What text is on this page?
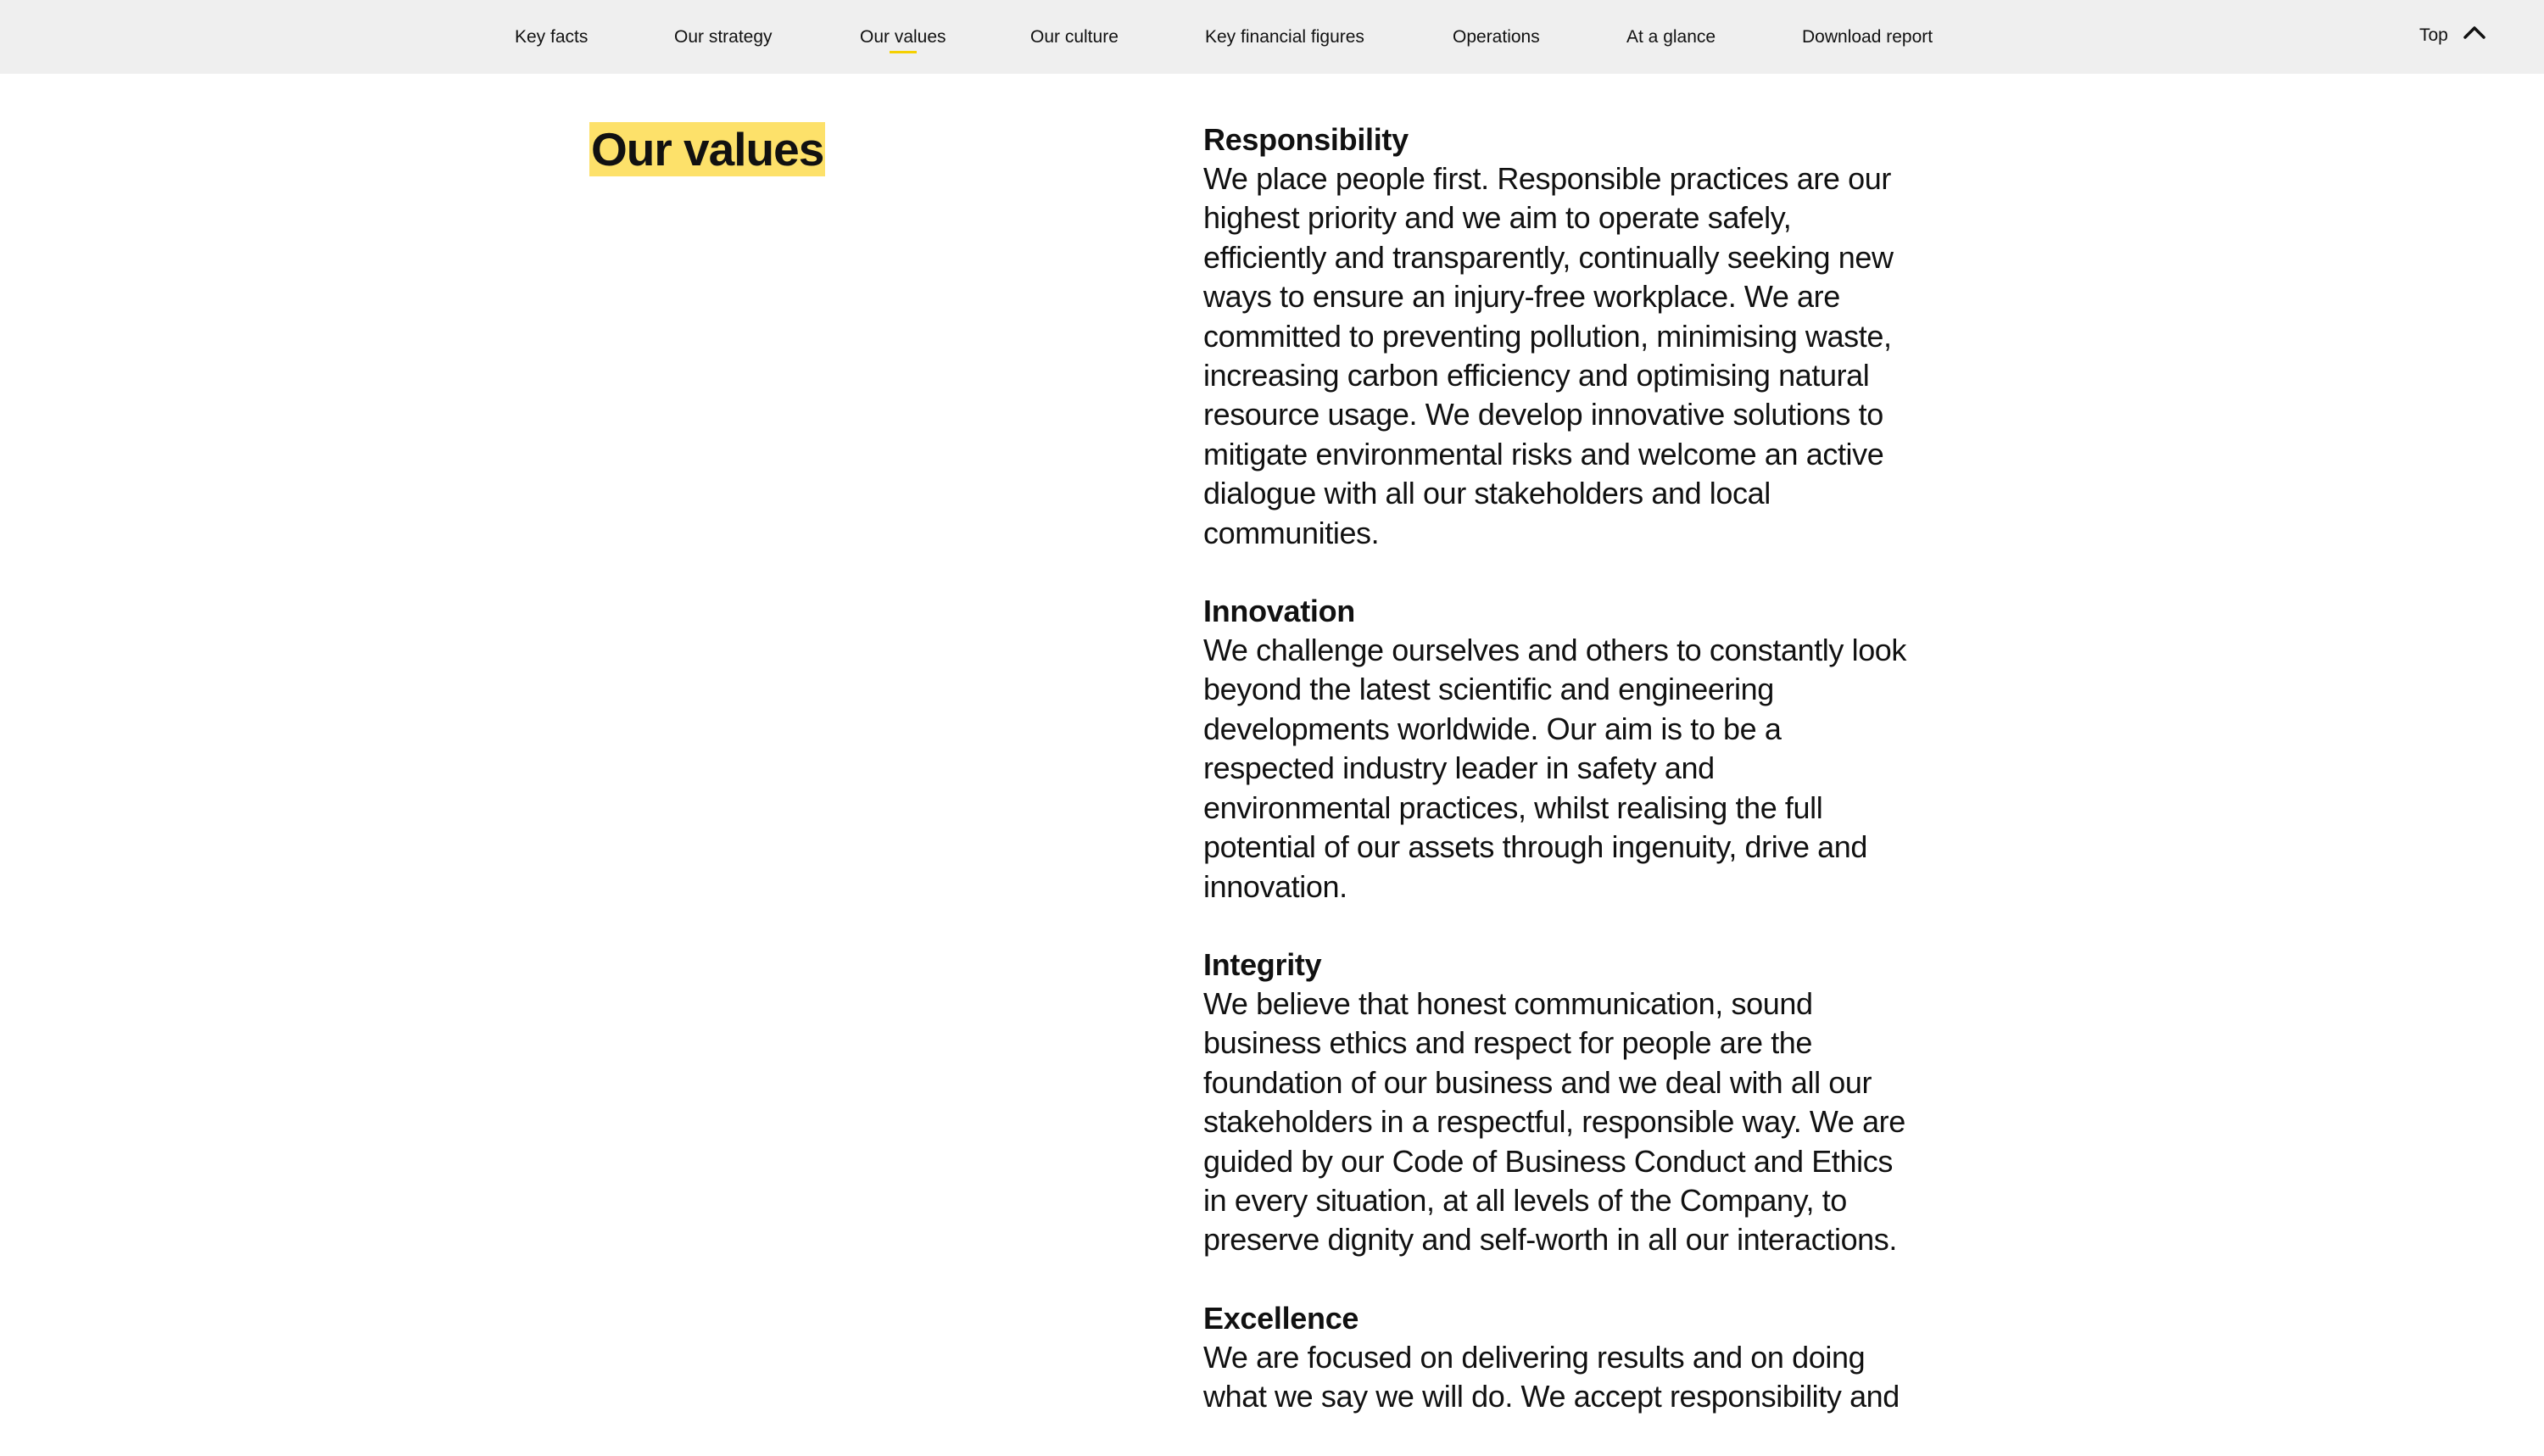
Key facts	Our strategy	Our values	Our culture	Key financial figures	Operations	At a glance	Download report	Top
Our values	Responsibility

We place people first. Responsible practices are our highest priority and we aim to operate safely, efficiently and transparently, continually seeking new ways to ensure an injury-free workplace. We are committed to preventing pollution, minimising waste, increasing carbon efficiency and optimising natural resource usage. We develop innovative solutions to mitigate environmental risks and welcome an active dialogue with all our stakeholders and local communities.

Innovation

We challenge ourselves and others to constantly look beyond the latest scientific and engineering developments worldwide. Our aim is to be a respected industry leader in safety and environmental practices, whilst realising the full potential of our assets through ingenuity, drive and innovation.

Integrity

We believe that honest communication, sound business ethics and respect for people are the foundation of our business and we deal with all our stakeholders in a respectful, responsible way. We are guided by our Code of Business Conduct and Ethics in every situation, at all levels of the Company, to preserve dignity and self-worth in all our interactions.

Excellence

We are focused on delivering results and on doing what we say we will do. We accept responsibility and
